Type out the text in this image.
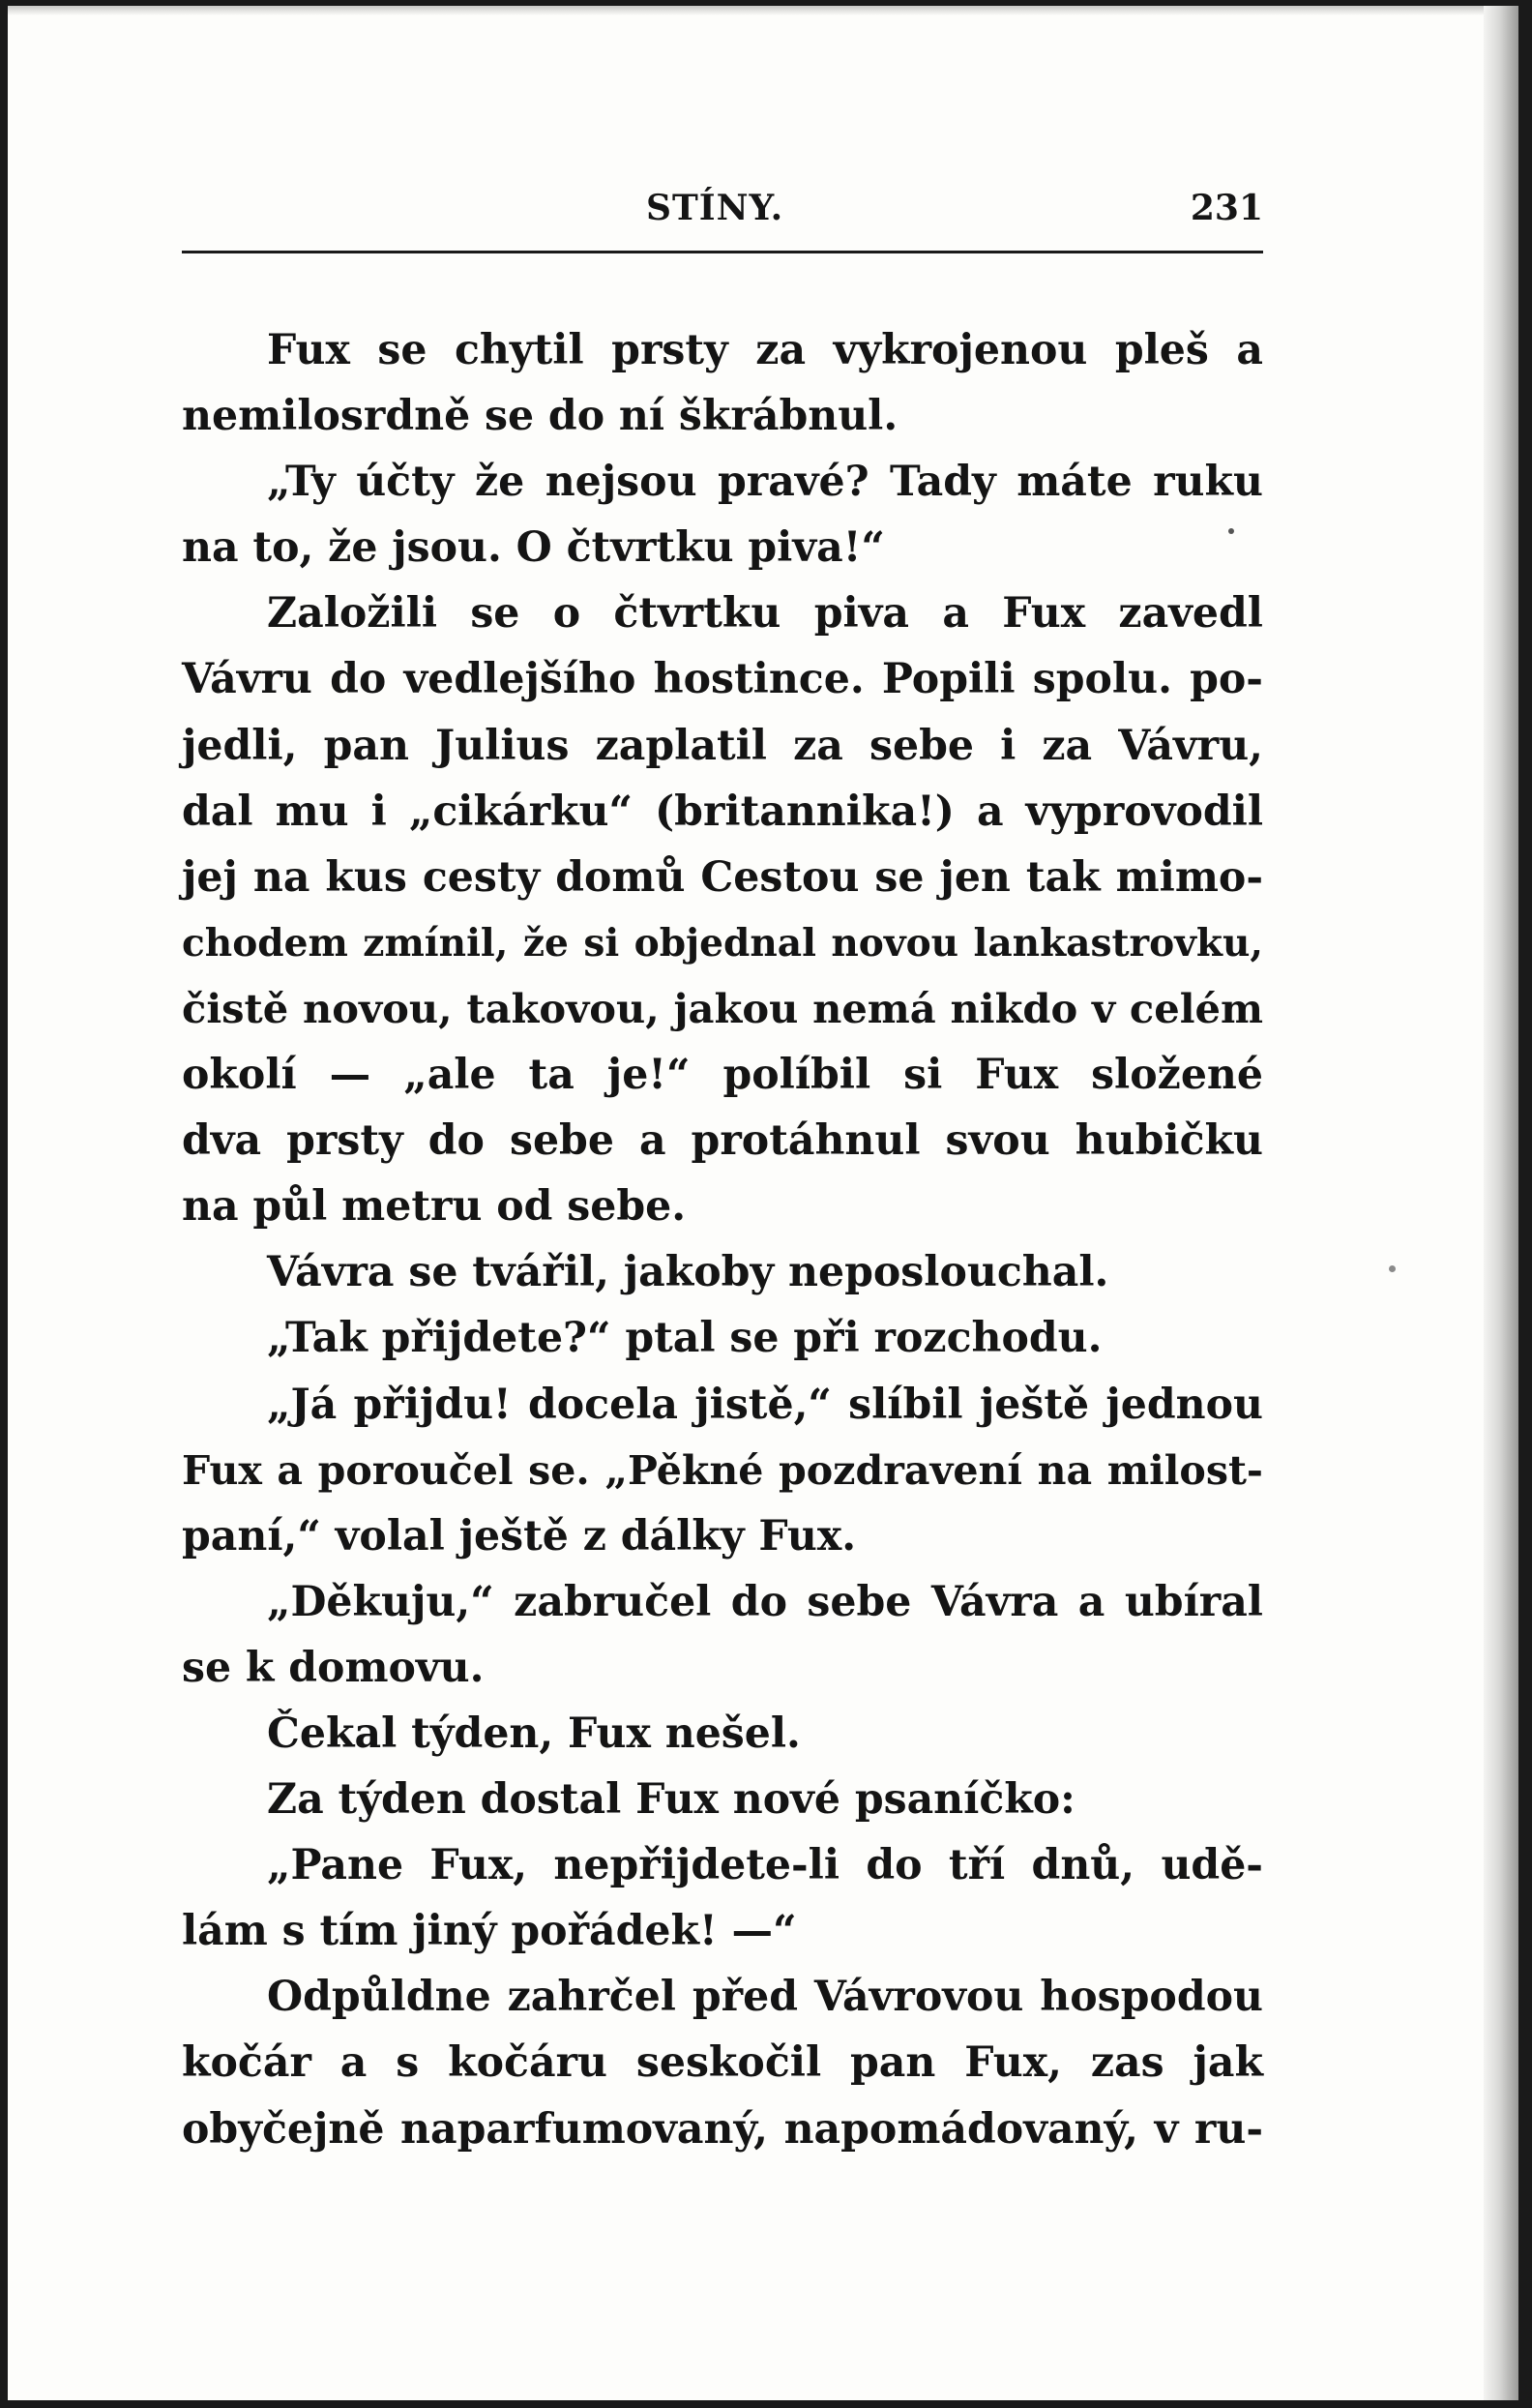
STÍNY.	231
Fux se chytil prsty za vykrojenou pleš a
nemilosrdně se do ní škrábnul.
„Ty účty že nejsou pravé? Tady máte ruku
na to, že jsou. O čtvrtku piva!“
Založili se o čtvrtku piva a Fux zavedl
Vávru do vedlejšího hostince. Popili spolu. po-
jedli, pan Julius zaplatil za sebe i za Vávru,
dal mu i „cikárku“ (britannika!) a vyprovodil
jej na kus cesty domů Cestou se jen tak mimo-
chodem zmínil, že si objednal novou lankastrovku,
čistě novou, takovou, jakou nemá nikdo v celém
okolí — „ale ta je!“ políbil si Fux složené
dva prsty do sebe a protáhnul svou hubičku
na půl metru od sebe.
Vávra se tvářil, jakoby neposlouchal.
„Tak přijdete?“ ptal se při rozchodu.
„Já přijdu! docela jistě,“ slíbil ještě jednou
Fux a poroučel se. „Pěkné pozdravení na milost-
paní,“ volal ještě z dálky Fux.
„Děkuju,“ zabručel do sebe Vávra a ubíral
se k domovu.
Čekal týden, Fux nešel.
Za týden dostal Fux nové psaníčko:
„Pane Fux, nepřijdete-li do tří dnů, udě-
lám s tím jiný pořádek! —“
Odpůldne zahrčel před Vávrovou hospodou
kočár a s kočáru seskočil pan Fux, zas jak
obyčejně naparfumovaný, napomádovaný, v ru-
